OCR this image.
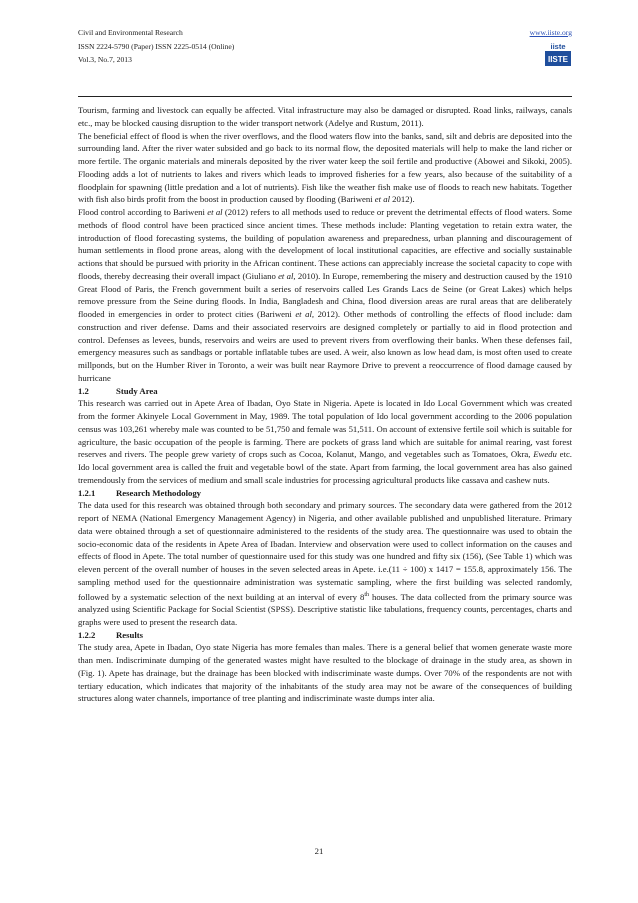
Civil and Environmental Research
ISSN 2224-5790 (Paper) ISSN 2225-0514 (Online)
Vol.3, No.7, 2013
www.iiste.org
iiste
IISTE

Tourism, farming and livestock can equally be affected. Vital infrastructure may also be damaged or disrupted. Road links, railways, canals etc., may be blocked causing disruption to the wider transport network (Adelye and Rustum, 2011).

The beneficial effect of flood is when the river overflows, and the flood waters flow into the banks, sand, silt and debris are deposited into the surrounding land. After the river water subsided and go back to its normal flow, the deposited materials will help to make the land richer or more fertile. The organic materials and minerals deposited by the river water keep the soil fertile and productive (Abowei and Sikoki, 2005). Flooding adds a lot of nutrients to lakes and rivers which leads to improved fisheries for a few years, also because of the suitability of a floodplain for spawning (little predation and a lot of nutrients). Fish like the weather fish make use of floods to reach new habitats. Together with fish also birds profit from the boost in production caused by flooding (Bariweni et al 2012).

Flood control according to Bariweni et al (2012) refers to all methods used to reduce or prevent the detrimental effects of flood waters. Some methods of flood control have been practiced since ancient times. These methods include: Planting vegetation to retain extra water, the introduction of flood forecasting systems, the building of population awareness and preparedness, urban planning and discouragement of human settlements in flood prone areas, along with the development of local institutional capacities, are effective and socially sustainable actions that should be pursued with priority in the African continent. These actions can appreciably increase the societal capacity to cope with floods, thereby decreasing their overall impact (Giuliano et al, 2010). In Europe, remembering the misery and destruction caused by the 1910 Great Flood of Paris, the French government built a series of reservoirs called Les Grands Lacs de Seine (or Great Lakes) which helps remove pressure from the Seine during floods. In India, Bangladesh and China, flood diversion areas are rural areas that are deliberately flooded in emergencies in order to protect cities (Bariweni et al, 2012). Other methods of controlling the effects of flood include: dam construction and river defense. Dams and their associated reservoirs are designed completely or partially to aid in flood protection and control. Defenses as levees, bunds, reservoirs and weirs are used to prevent rivers from overflowing their banks. When these defenses fail, emergency measures such as sandbags or portable inflatable tubes are used. A weir, also known as low head dam, is most often used to create millponds, but on the Humber River in Toronto, a weir was built near Raymore Drive to prevent a reoccurrence of flood damage caused by hurricane

1.2	Study Area

This research was carried out in Apete Area of Ibadan, Oyo State in Nigeria. Apete is located in Ido Local Government which was created from the former Akinyele Local Government in May, 1989. The total population of Ido local government according to the 2006 population census was 103,261 whereby male was counted to be 51,750 and female was 51,511. On account of extensive fertile soil which is suitable for agriculture, the basic occupation of the people is farming. There are pockets of grass land which are suitable for animal rearing, vast forest reserves and rivers. The people grew variety of crops such as Cocoa, Kolanut, Mango, and vegetables such as Tomatoes, Okra, Ewedu etc. Ido local government area is called the fruit and vegetable bowl of the state. Apart from farming, the local government area has also gained tremendously from the services of medium and small scale industries for processing agricultural products like cassava and cashew nuts.

1.2.1 Research Methodology

The data used for this research was obtained through both secondary and primary sources. The secondary data were gathered from the 2012 report of NEMA (National Emergency Management Agency) in Nigeria, and other available published and unpublished literature. Primary data were obtained through a set of questionnaire administered to the residents of the study area. The questionnaire was used to obtain the socio-economic data of the residents in Apete Area of Ibadan. Interview and observation were used to collect information on the causes and effects of flood in Apete. The total number of questionnaire used for this study was one hundred and fifty six (156), (See Table 1) which was eleven percent of the overall number of houses in the seven selected areas in Apete. i.e.(11 ÷ 100) x 1417 = 155.8, approximately 156. The sampling method used for the questionnaire administration was systematic sampling, where the first building was selected randomly, followed by a systematic selection of the next building at an interval of every 8th houses. The data collected from the primary source was analyzed using Scientific Package for Social Scientist (SPSS). Descriptive statistic like tabulations, frequency counts, percentages, charts and graphs were used to present the research data.

1.2.2 Results

The study area, Apete in Ibadan, Oyo state Nigeria has more females than males. There is a general belief that women generate waste more than men. Indiscriminate dumping of the generated wastes might have resulted to the blockage of drainage in the study area, as shown in (Fig. 1). Apete has drainage, but the drainage has been blocked with indiscriminate waste dumps. Over 70% of the respondents are not with tertiary education, which indicates that majority of the inhabitants of the study area may not be aware of the consequences of building structures along water channels, importance of tree planting and indiscriminate waste dumps inter alia.

21
